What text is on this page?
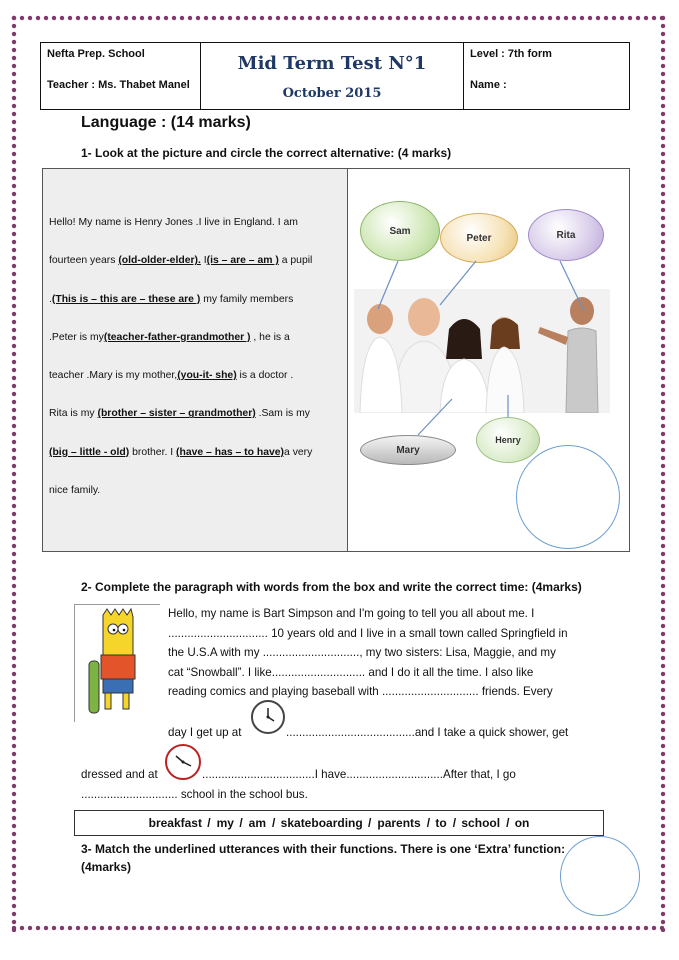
Nefta Prep. School
Teacher : Ms. Thabet Manel
Mid Term Test N°1
October 2015
Level : 7th form
Name :
Language : (14 marks)
1- Look at the picture and circle the correct alternative: (4 marks)
Hello! My name is Henry Jones .I live in England. I am
fourteen years (old-older-elder). I(is – are – am ) a pupil
.(This is – this are – these are ) my family members
.Peter is my(teacher-father-grandmother ) , he is a
teacher .Mary is my mother,(you-it- she) is a doctor .
Rita is my (brother – sister – grandmother) .Sam is my
(big – little - old) brother. I (have – has – to have)a very
nice family.
Sam
Peter	Rita
Mary
Henry
2- Complete the paragraph with words from the box and write the correct time: (4marks)
Hello, my name is Bart Simpson and I'm going to tell you all about me. I
............................... 10 years old and I live in a small town called Springfield in
the U.S.A with my .............................., my two sisters: Lisa, Maggie, and my
cat “Snowball”. I like............................. and I do it all the time. I also like
reading comics and playing baseball with .............................. friends. Every
day I get up at	........................................and I take a quick shower, get
dressed and at	...................................I have..............................After that, I go
.............................. school in the school bus.
breakfast / my / am / skateboarding / parents / to / school / on
3- Match the underlined utterances with their functions. There is one ‘Extra’ function:
(4marks)
